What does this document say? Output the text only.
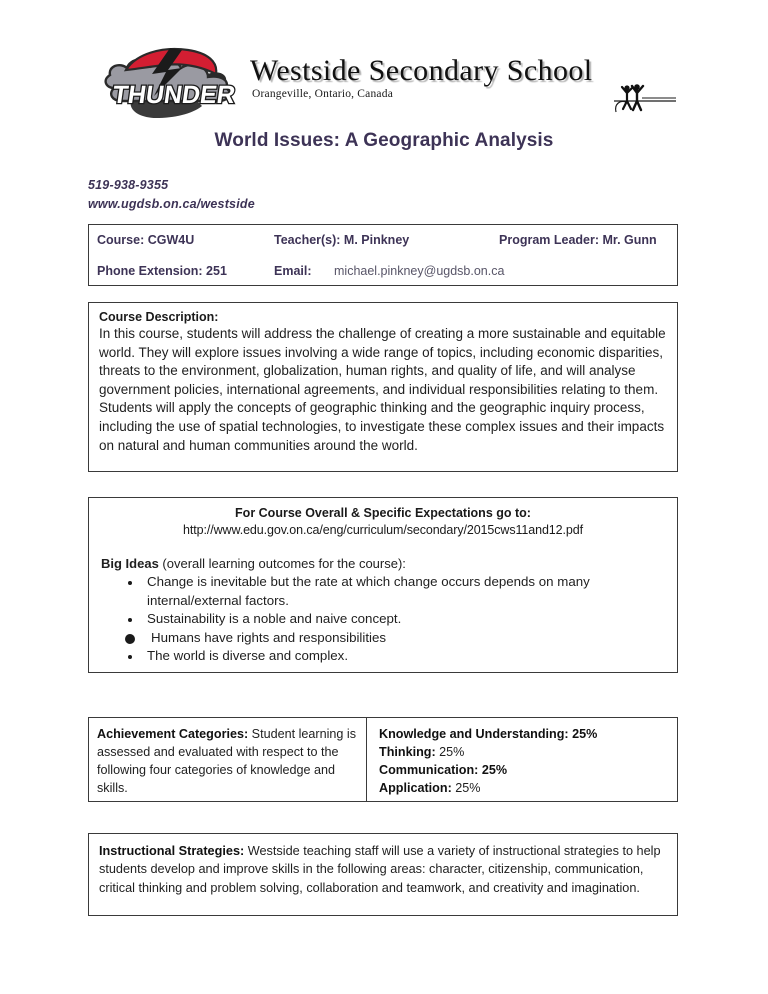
THUNDER
Westside Secondary School
Orangeville, Ontario, Canada
World Issues: A Geographic Analysis
519-938-9355
www.ugdsb.on.ca/westside
Course: CGW4U	Teacher(s): M. Pinkney	Program Leader: Mr. Gunn
Phone Extension: 251	Email: michael.pinkney@ugdsb.on.ca
Course Description:
In this course, students will address the challenge of creating a more sustainable and equitable world. They will explore issues involving a wide range of topics, including economic disparities, threats to the environment, globalization, human rights, and quality of life, and will analyse government policies, international agreements, and individual responsibilities relating to them. Students will apply the concepts of geographic thinking and the geographic inquiry process, including the use of spatial technologies, to investigate these complex issues and their impacts on natural and human communities around the world.
For Course Overall & Specific Expectations go to:
http://www.edu.gov.on.ca/eng/curriculum/secondary/2015cws11and12.pdf
Big Ideas (overall learning outcomes for the course):
Change is inevitable but the rate at which change occurs depends on many internal/external factors.
Sustainability is a noble and naive concept.
Humans have rights and responsibilities
The world is diverse and complex.
Achievement Categories: Student learning is assessed and evaluated with respect to the following four categories of knowledge and skills.
Knowledge and Understanding: 25%
Thinking: 25%
Communication: 25%
Application: 25%
Instructional Strategies: Westside teaching staff will use a variety of instructional strategies to help students develop and improve skills in the following areas: character, citizenship, communication, critical thinking and problem solving, collaboration and teamwork, and creativity and imagination.
